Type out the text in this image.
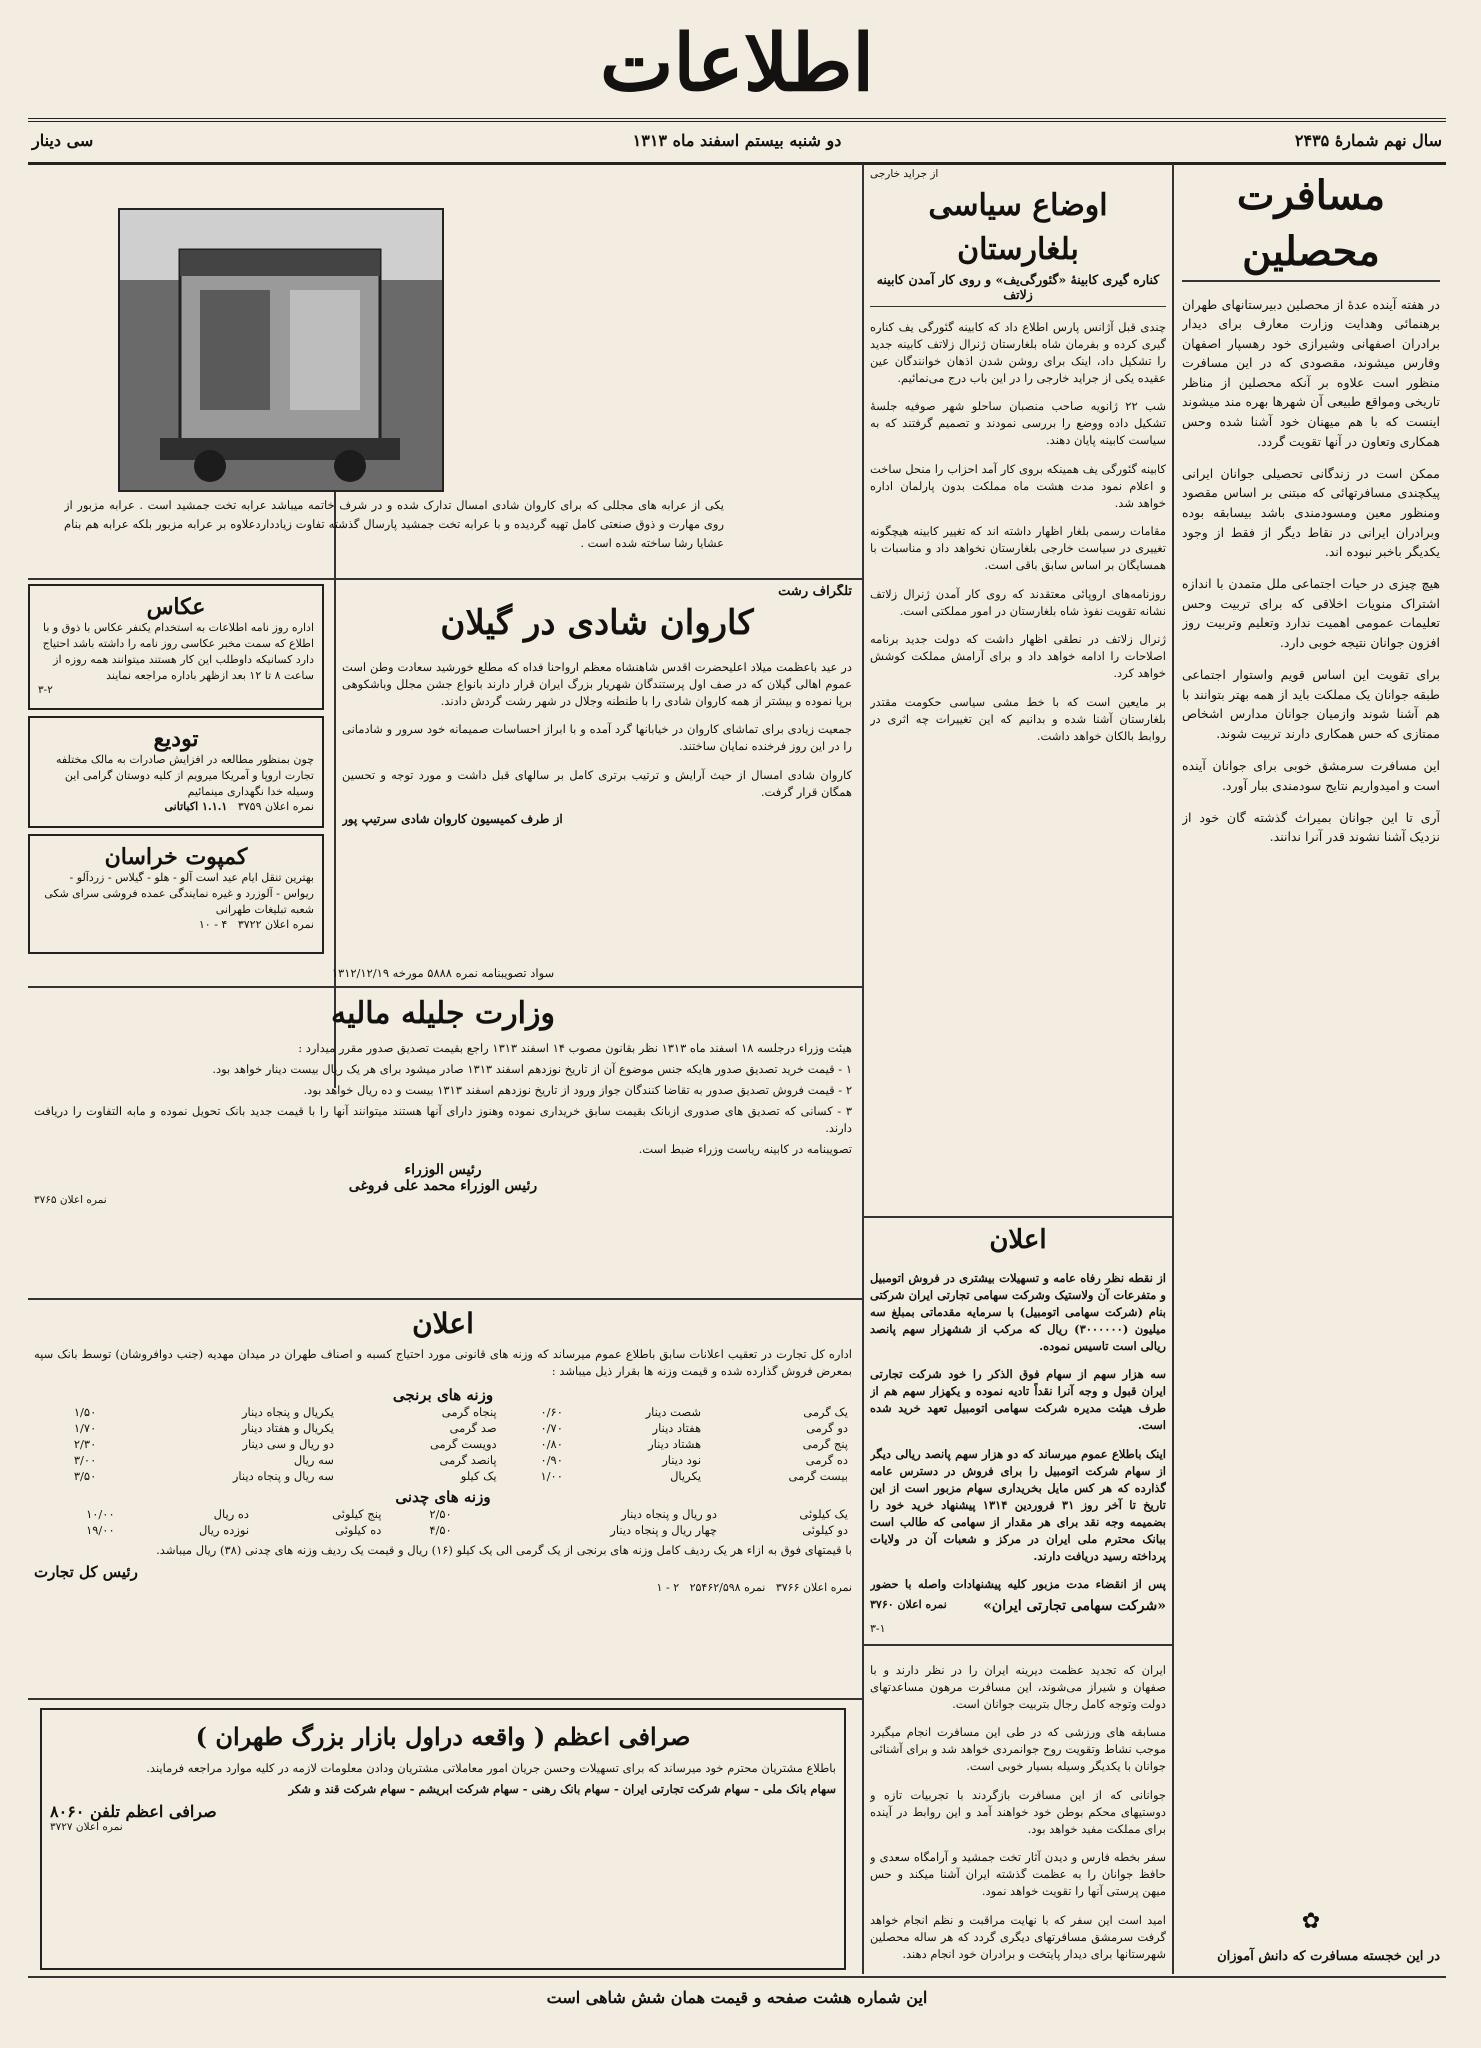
اطلاعات
سال نهم شمارهٔ ۲۴۳۵
دو شنبه بیستم اسفند ماه ۱۳۱۳
سی دینار
مسافرت محصلین

در هفته آینده عدهٔ از محصلین دبیرستانهای طهران برهنمائی وهدایت وزارت معارف برای دیدار برادران اصفهانی وشیرازی خود رهسپار اصفهان وفارس میشوند، مقصودی که در این مسافرت منظور است علاوه بر آنکه محصلین از مناظر تاریخی ومواقع طبیعی آن شهرها بهره مند میشوند اینست که با هم میهنان خود آشنا شده وحس همکاری وتعاون در آنها تقویت گردد.

ممکن است در زندگانی تحصیلی جوانان ایرانی پیکچندی مسافرتهائی که مبتنی بر اساس مقصود ومنظور معین ومسودمندی باشد بیسابقه بوده وبرادران ایرانی در نقاط دیگر از فقط از وجود یکدیگر باخبر نبوده اند.

هیچ چیزی در حیات اجتماعی ملل متمدن با اندازه اشتراک منویات اخلاقی که برای تربیت وحس تعلیمات عمومی اهمیت ندارد وتعلیم وتربیت روز افزون جوانان نتیجه خوبی دارد.

برای تقویت این اساس قویم واستوار اجتماعی طبقه جوانان یک مملکت باید از همه بهتر بتوانند با هم آشنا شوند وازمیان جوانان مدارس اشخاص ممتازی که حس همکاری دارند تربیت شوند.

این مسافرت سرمشق خوبی برای جوانان آینده است و امیدواریم نتایج سودمندی ببار آورد.

آری تا این جوانان بمیراث گذشته گان خود از نزدیک آشنا نشوند قدر آنرا ندانند.

✿
در این خجسته مسافرت که دانش آموزان
از جراید خارجی
اوضاع سیاسی بلغارستان
کناره گیری کابینهٔ «گئورگی‌یف» و روی کار آمدن کابینه زلاتف

چندی قبل آژانس پارس اطلاع داد که کابینه گئورگی یف کناره گیری کرده و بفرمان شاه بلغارستان ژنرال زلاتف کابینه جدید را تشکیل داد، اینک برای روشن شدن اذهان خوانندگان عین عقیده یکی از جراید خارجی را در این باب درج می‌نمائیم.

شب ۲۲ ژانویه صاحب منصبان ساحلو شهر صوفیه جلسهٔ تشکیل داده ووضع را بررسی نمودند و تصمیم گرفتند که به سیاست کابینه پایان دهند.

کابینه گئورگی یف همینکه بروی کار آمد احزاب را منحل ساخت و اعلام نمود مدت هشت ماه مملکت بدون پارلمان اداره خواهد شد.

مقامات رسمی بلغار اظهار داشته اند که تغییر کابینه هیچگونه تغییری در سیاست خارجی بلغارستان نخواهد داد و مناسبات با همسایگان بر اساس سابق باقی است.

روزنامه‌های اروپائی معتقدند که روی کار آمدن ژنرال زلاتف نشانه تقویت نفوذ شاه بلغارستان در امور مملکتی است.

ژنرال زلاتف در نطقی اظهار داشت که دولت جدید برنامه اصلاحات را ادامه خواهد داد و برای آرامش مملکت کوشش خواهد کرد.

بر مایعین است که با خط مشی سیاسی حکومت مقتدر بلغارستان آشنا شده و بدانیم که این تغییرات چه اثری در روابط بالکان خواهد داشت.

اعلان

از نقطه نظر رفاه عامه و تسهیلات بیشتری در فروش اتومبیل و متفرعات آن ولاستیک وشرکت سهامی تجارتی ایران شرکتی بنام (شرکت سهامی اتومبیل) با سرمایه مقدماتی بمبلغ سه میلیون (۳۰۰۰۰۰۰) ریال که مرکب از ششهزار سهم پانصد ریالی است تاسیس نموده.

سه هزار سهم از سهام فوق الذکر را خود شرکت تجارتی ایران قبول و وجه آنرا نقداً تادیه نموده و یکهزار سهم هم از طرف هیئت مدیره شرکت سهامی اتومبیل تعهد خرید شده است.

اینک باطلاع عموم میرساند که دو هزار سهم پانصد ریالی دیگر از سهام شرکت اتومبیل را برای فروش در دسترس عامه گذارده که هر کس مایل بخریداری سهام مزبور است از این تاریخ تا آخر روز ۳۱ فروردین ۱۳۱۴ پیشنهاد خرید خود را بضمیمه وجه نقد برای هر مقدار از سهامی که طالب است ببانک محترم ملی ایران در مرکز و شعبات آن در ولایات پرداخته رسید دریافت دارند.

پس از انقضاء مدت مزبور کلیه پیشنهادات واصله با حضور

«شرکت سهامی تجارتی ایران»
نمره اعلان ۳۷۶۰
۳-۱

ایران که تجدید عظمت دیرینه ایران را در نظر دارند و با صفهان و شیراز می‌شوند، این مسافرت مرهون مساعدتهای دولت وتوجه کامل رجال بتربیت جوانان است.

مسابقه های ورزشی که در طی این مسافرت انجام میگیرد موجب نشاط وتقویت روح جوانمردی خواهد شد و برای آشنائی جوانان با یکدیگر وسیله بسیار خوبی است.

جوانانی که از این مسافرت بازگردند با تجربیات تازه و دوستیهای محکم بوطن خود خواهند آمد و این روابط در آینده برای مملکت مفید خواهد بود.

سفر بخطه فارس و دیدن آثار تخت جمشید و آرامگاه سعدی و حافظ جوانان را به عظمت گذشته ایران آشنا میکند و حس میهن پرستی آنها را تقویت خواهد نمود.

امید است این سفر که با نهایت مراقبت و نظم انجام خواهد گرفت سرمشق مسافرتهای دیگری گردد که هر ساله محصلین شهرستانها برای دیدار پایتخت و برادران خود انجام دهند.

یکی از عرابه های مجللی که برای کاروان شادی امسال تدارک شده و در شرف خاتمه میباشد عرابه تخت جمشید است . عرابه مزبور از روی مهارت و ذوق صنعتی کامل تهیه گردیده و با عرابه تخت جمشید پارسال گذشته تفاوت زیادداردعلاوه بر عرابه مزبور بلکه عرابه هم بنام عشایا رشا ساخته شده است .
تلگراف رشت
کاروان شادی در گیلان

در عید باعظمت میلاد اعلیحضرت اقدس شاهنشاه معظم ارواحنا فداه که مطلع خورشید سعادت وطن است عموم اهالی گیلان که در صف اول پرستندگان شهریار بزرگ ایران قرار دارند بانواع جشن مجلل وباشکوهی برپا نموده و بیشتر از همه کاروان شادی را با طنطنه وجلال در شهر رشت گردش دادند.

جمعیت زیادی برای تماشای کاروان در خیابانها گرد آمده و با ابراز احساسات صمیمانه خود سرور و شادمانی را در این روز فرخنده نمایان ساختند.

کاروان شادی امسال از حیث آرایش و ترتیب برتری کامل بر سالهای قبل داشت و مورد توجه و تحسین همگان قرار گرفت.

از طرف کمیسیون کاروان شادی سرتیپ پور
عکاس
اداره روز نامه اطلاعات به استخدام یکنفر عکاس با ذوق و با اطلاع که سمت مخبر عکاسی روز نامه را داشته باشد احتیاج دارد کسانیکه داوطلب این کار هستند میتوانند همه روزه از ساعت ۸ تا ۱۲ بعد ازظهر باداره مراجعه نمایند
۳-۲
توديع
چون بمنظور مطالعه در افزایش صادرات به مالک مختلفه تجارت اروپا و آمریکا میرویم از کلیه دوستان گرامی این وسیله خدا نگهداری مینمائیم
نمره اعلان ۳۷۵۹   ۱.۱.۱ اکباتانی
کمپوت خراسان
بهترین تنقل ایام عید است آلو - هلو - گیلاس - زردآلو - ریواس - آلوزرد و غیره نمایندگی عمده فروشی سرای شکی شعبه تبلیغات طهرانی
نمره اعلان ۳۷۲۲   ۴ - ۱۰
سواد تصویبنامه نمره ۵۸۸۸ مورخه ۱۳۱۲/۱۲/۱۹
وزارت جلیله مالیه

هیئت وزراء درجلسه ۱۸ اسفند ماه ۱۳۱۳ نظر بقانون مصوب ۱۴ اسفند ۱۳۱۳ راجع بقیمت تصدیق صدور مقرر میدارد :

۱ - قیمت خرید تصدیق صدور هایکه جنس موضوع آن از تاریخ نوزدهم اسفند ۱۳۱۳ صادر میشود برای هر یک ریال بیست دینار خواهد بود.

۲ - قیمت فروش تصدیق صدور به تقاضا کنندگان جواز ورود از تاریخ نوزدهم اسفند ۱۳۱۳ بیست و ده ریال خواهد بود.

۳ - کسانی که تصدیق های صدوری ازبانک بقیمت سابق خریداری نموده وهنوز دارای آنها هستند میتوانند آنها را با قیمت جدید بانک تحویل نموده و مابه التفاوت را دریافت دارند.

تصویبنامه در کابینه ریاست وزراء ضبط است.

رئیس الوزراء
رئیس الوزراء محمد علی فروغی
نمره اعلان ۳۷۶۵
اعلان

اداره کل تجارت در تعقیب اعلانات سابق باطلاع عموم میرساند که وزنه های قانونی مورد احتیاج کسبه و اصناف طهران در میدان مهدیه (جنب دوافروشان) توسط بانک سپه بمعرض فروش گذارده شده و قیمت وزنه ها بقرار ذیل میباشد :

وزنه های برنجی
یک گرمی	شصت دینار	۰/۶۰	پنجاه گرمی	یکریال و پنجاه دینار	۱/۵۰
دو گرمی	هفتاد دینار	۰/۷۰	صد گرمی	یکریال و هفتاد دینار	۱/۷۰
پنج گرمی	هشتاد دینار	۰/۸۰	دویست گرمی	دو ریال و سی دینار	۲/۳۰
ده گرمی	نود دینار	۰/۹۰	پانصد گرمی	سه ریال	۳/۰۰
بیست گرمی	یکریال	۱/۰۰	یک کیلو	سه ریال و پنجاه دینار	۳/۵۰
وزنه های چدنی
یک کیلوئی	دو ریال و پنجاه دینار	۲/۵۰	پنج کیلوئی	ده ریال	۱۰/۰۰
دو کیلوئی	چهار ریال و پنجاه دینار	۴/۵۰	ده کیلوئی	نوزده ریال	۱۹/۰۰

با قیمتهای فوق به ازاء هر یک ردیف کامل وزنه های برنجی از یک گرمی الی یک کیلو (۱۶) ریال و قیمت یک ردیف وزنه های چدنی (۳۸) ریال میباشد.

رئیس کل تجارت
نمره اعلان ۳۷۶۶   نمره ۲۵۴۶۲/۵۹۸   ۲ - ۱
صرافی اعظم ( واقعه دراول بازار بزرگ طهران )

باطلاع مشتریان محترم خود میرساند که برای تسهیلات وحسن جریان امور معاملاتی مشتریان ودادن معلومات لازمه در کلیه موارد مراجعه فرمایند.

سهام بانک ملی - سهام شرکت تجارتی ایران - سهام بانک رهنی - سهام شرکت ابریشم - سهام شرکت قند و شکر

صرافی اعظم تلفن ۸۰۶۰
نمره اعلان ۳۷۲۷
این شماره هشت صفحه و قیمت همان شش شاهی است
